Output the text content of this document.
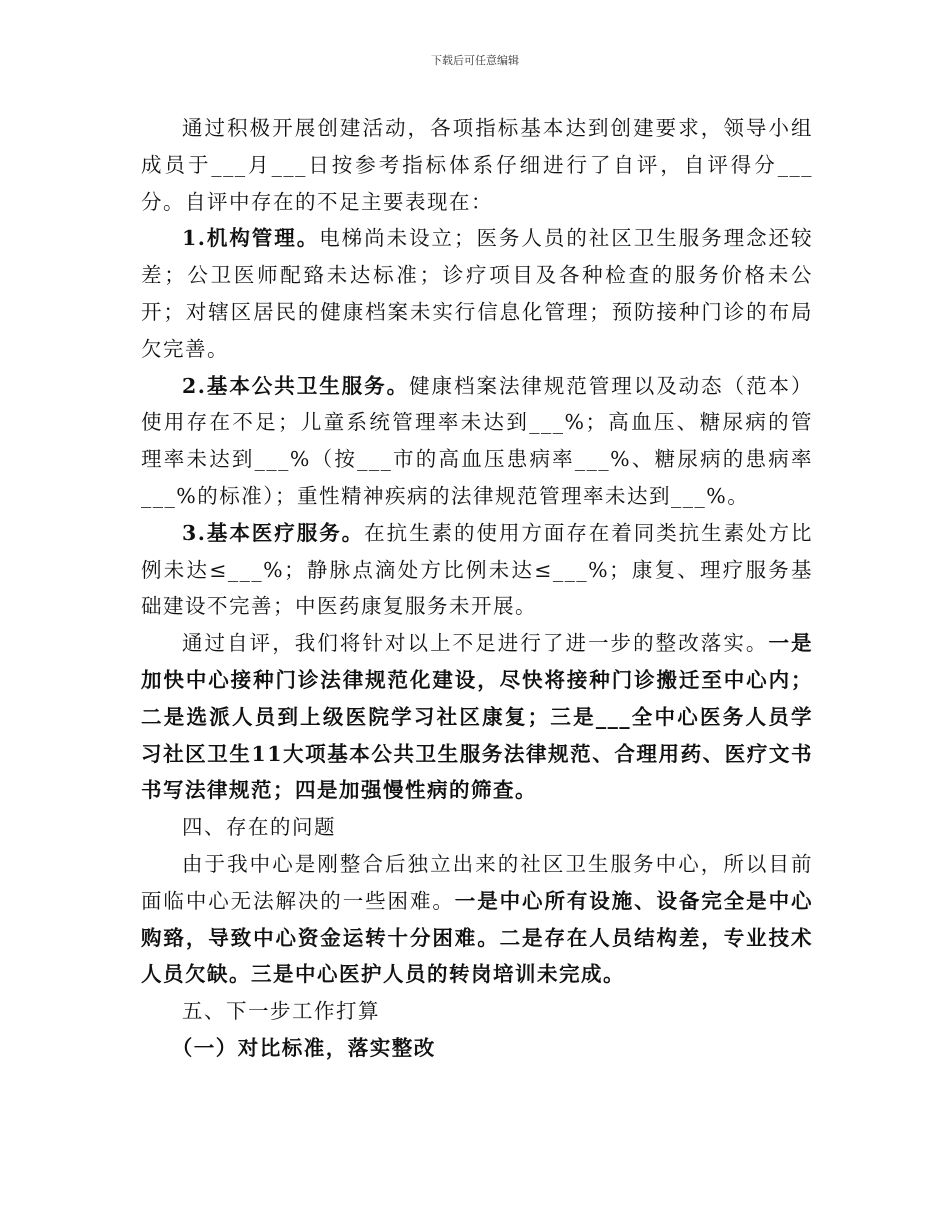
下载后可任意编辑

通过积极开展创建活动，各项指标基本达到创建要求，领导小组成员于___月___日按参考指标体系仔细进行了自评，自评得分___分。自评中存在的不足主要表现在：

1.机构管理。电梯尚未设立；医务人员的社区卫生服务理念还较差；公卫医师配臵未达标准；诊疗项目及各种检查的服务价格未公开；对辖区居民的健康档案未实行信息化管理；预防接种门诊的布局欠完善。

2.基本公共卫生服务。健康档案法律规范管理以及动态（范本）使用存在不足；儿童系统管理率未达到___%；高血压、糖尿病的管理率未达到___%（按___市的高血压患病率___%、糖尿病的患病率___%的标准）；重性精神疾病的法律规范管理率未达到___%。

3.基本医疗服务。在抗生素的使用方面存在着同类抗生素处方比例未达≤___%；静脉点滴处方比例未达≤___%；康复、理疗服务基础建设不完善；中医药康复服务未开展。

通过自评，我们将针对以上不足进行了进一步的整改落实。一是加快中心接种门诊法律规范化建设，尽快将接种门诊搬迁至中心内；二是选派人员到上级医院学习社区康复；三是___全中心医务人员学习社区卫生11大项基本公共卫生服务法律规范、合理用药、医疗文书书写法律规范；四是加强慢性病的筛查。

四、存在的问题

由于我中心是刚整合后独立出来的社区卫生服务中心，所以目前面临中心无法解决的一些困难。一是中心所有设施、设备完全是中心购臵，导致中心资金运转十分困难。二是存在人员结构差，专业技术人员欠缺。三是中心医护人员的转岗培训未完成。

五、下一步工作打算

（一）对比标准，落实整改
